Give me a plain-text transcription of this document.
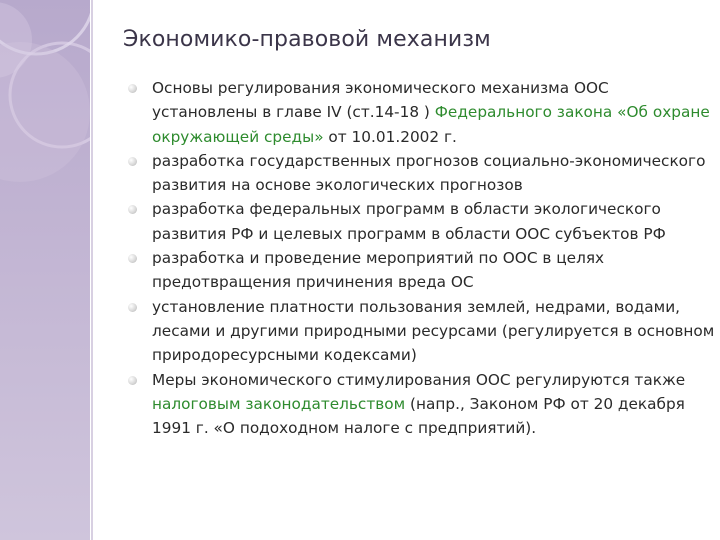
Экономико-правовой механизм
Основы регулирования экономического механизма ООС установлены в главе IV (ст.14-18 ) Федерального закона «Об охране окружающей среды» от 10.01.2002 г.
разработка государственных прогнозов социально-экономического развития на основе экологических прогнозов
разработка федеральных программ в области экологического развития РФ и целевых программ в области ООС субъектов РФ
разработка и проведение мероприятий по ООС в целях предотвращения причинения вреда ОС
установление платности пользования землей, недрами, водами, лесами и другими природными ресурсами (регулируется в основном природоресурсными кодексами)
Меры экономического стимулирования ООС регулируются также налоговым законодательством (напр., Законом РФ от 20 декабря 1991 г. «О подоходном налоге с предприятий).
